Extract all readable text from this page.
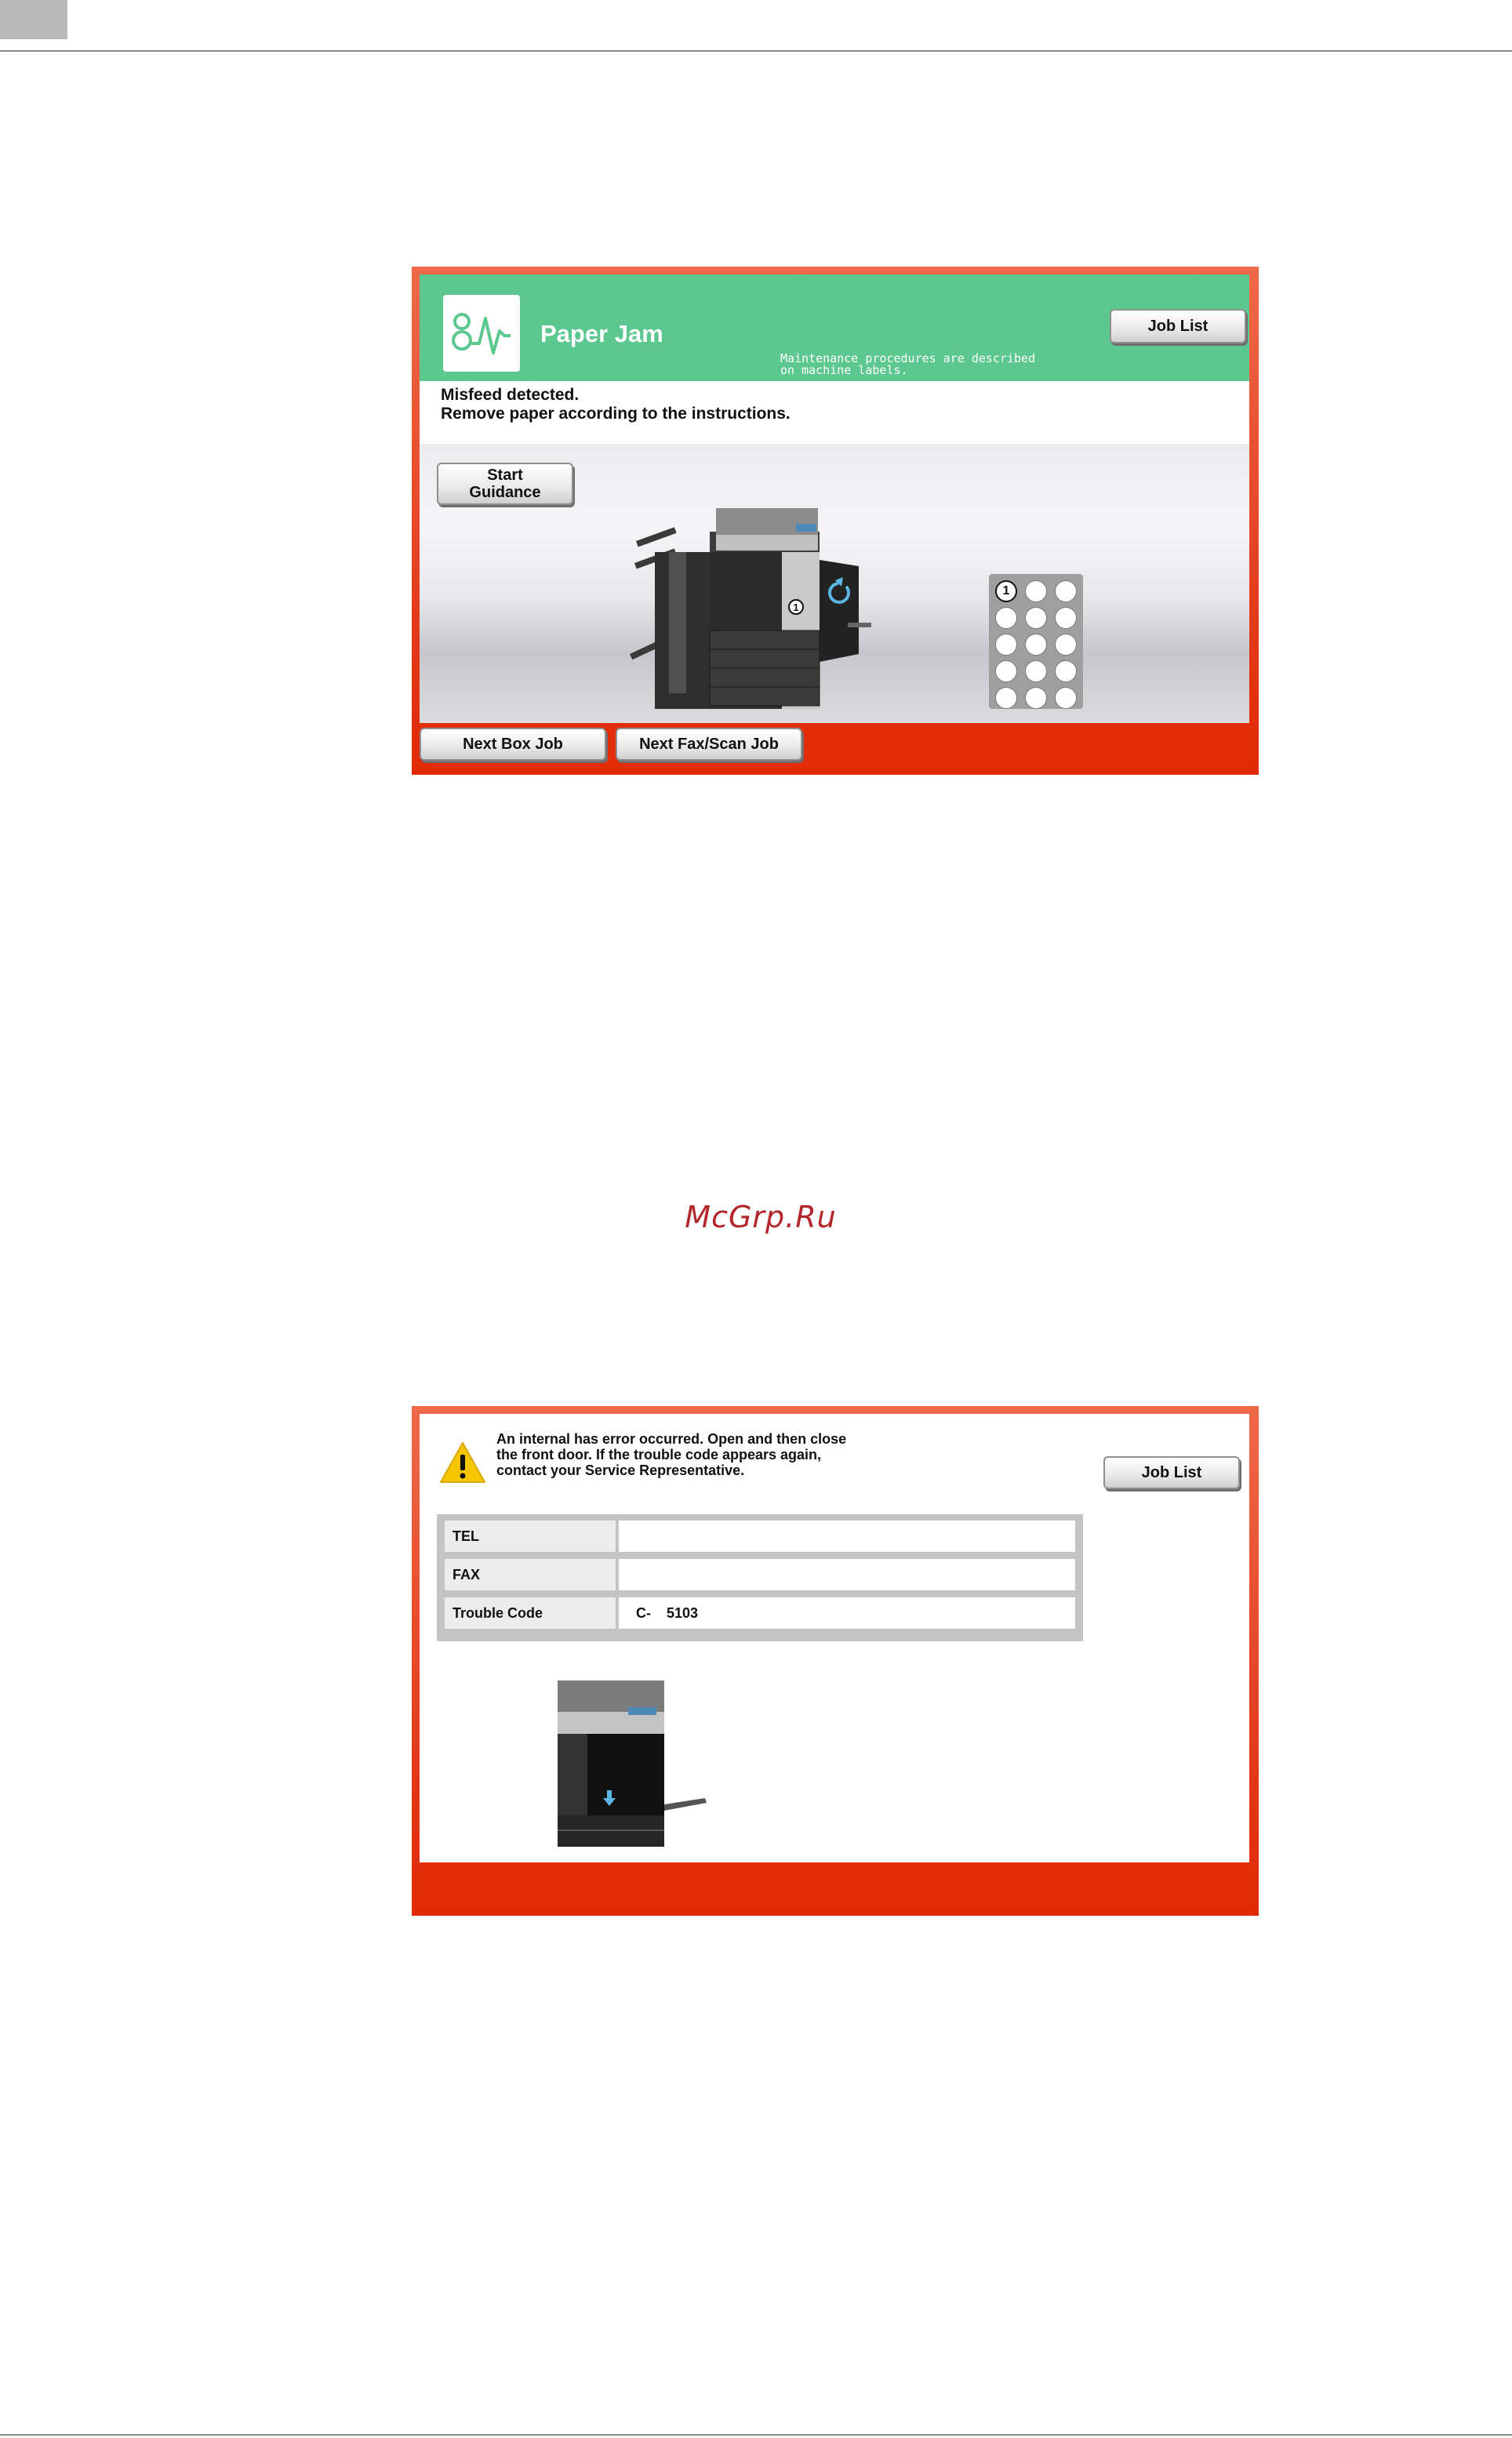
Paper Jam
Maintenance procedures are described
on machine labels.
Job List
Misfeed detected.
Remove paper according to the instructions.
Start
Guidance
1
1
Next Box Job	Next Fax/Scan Job
McGrp.Ru
An internal has error occurred. Open and then close
the front door. If the trouble code appears again,
contact your Service Representative.	Job List
TEL
FAX
Trouble Code	C-    5103
